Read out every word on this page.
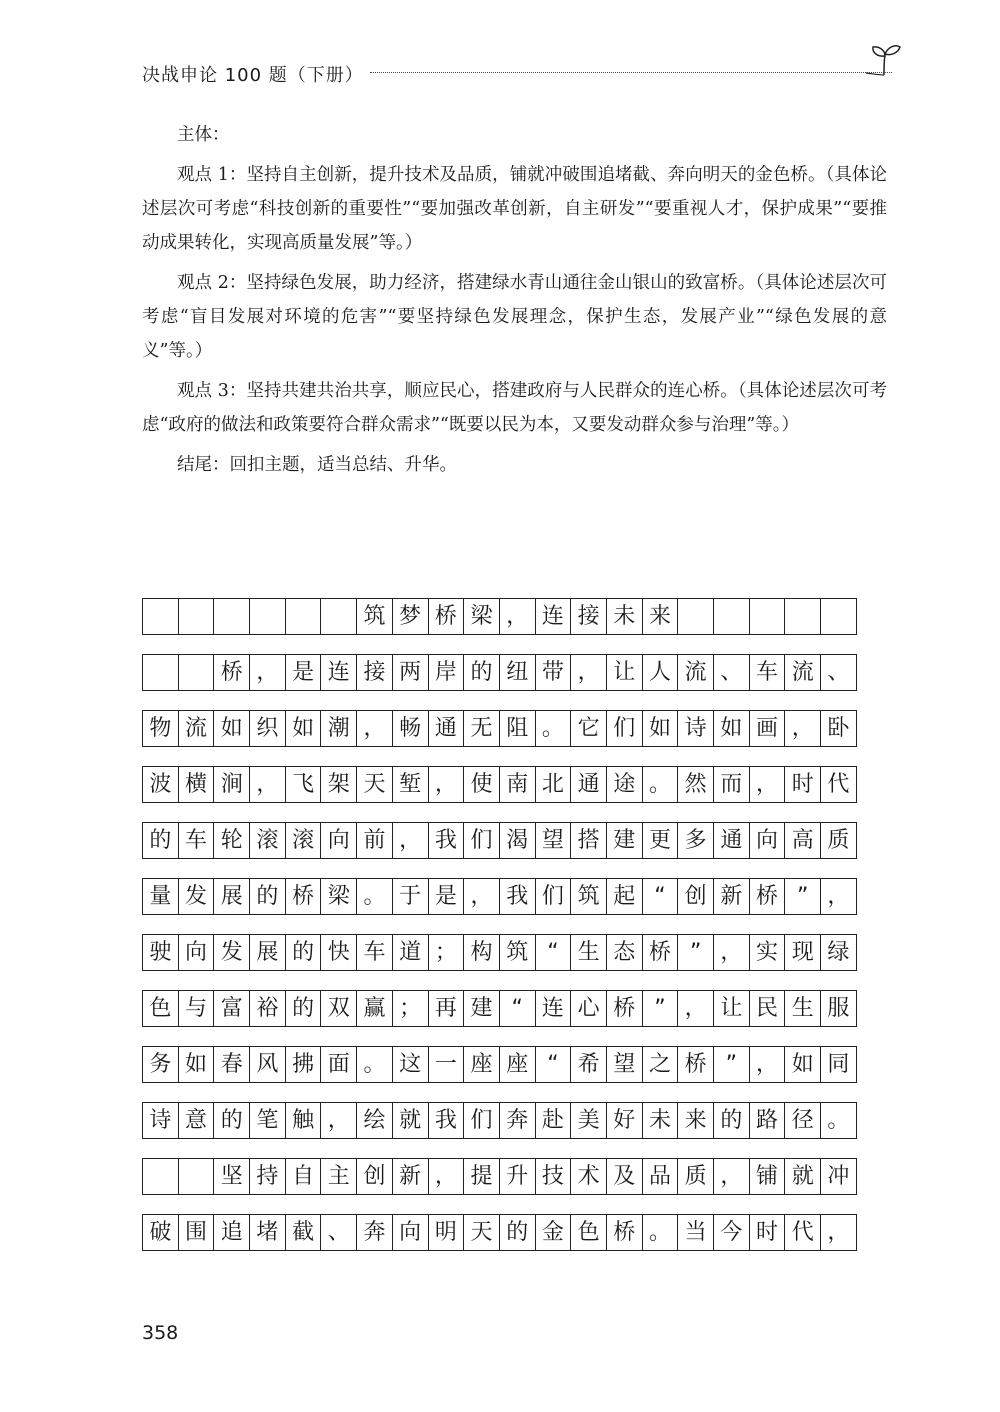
决战申论 100 题（下册）

主体：

观点 1：坚持自主创新，提升技术及品质，铺就冲破围追堵截、奔向明天的金色桥。（具体论述层次可考虑“科技创新的重要性”“要加强改革创新，自主研发”“要重视人才，保护成果”“要推动成果转化，实现高质量发展”等。）

观点 2：坚持绿色发展，助力经济，搭建绿水青山通往金山银山的致富桥。（具体论述层次可考虑“盲目发展对环境的危害”“要坚持绿色发展理念，保护生态，发展产业”“绿色发展的意义”等。）

观点 3：坚持共建共治共享，顺应民心，搭建政府与人民群众的连心桥。（具体论述层次可考虑“政府的做法和政策要符合群众需求”“既要以民为本，又要发动群众参与治理”等。）

结尾：回扣主题，适当总结、升华。

筑 梦 桥 梁 ， 连 接 未 来
桥 ， 是 连 接 两 岸 的 纽 带 ， 让 人 流 、 车 流 、
物 流 如 织 如 潮 ， 畅 通 无 阻 。 它 们 如 诗 如 画 ， 卧
波 横 涧 ， 飞 架 天 堑 ， 使 南 北 通 途 。 然 而 ， 时 代
的 车 轮 滚 滚 向 前 ， 我 们 渴 望 搭 建 更 多 通 向 高 质
量 发 展 的 桥 梁 。 于 是 ， 我 们 筑 起 “ 创 新 桥 ” ，
驶 向 发 展 的 快 车 道 ； 构 筑 “ 生 态 桥 ” ， 实 现 绿
色 与 富 裕 的 双 赢 ； 再 建 “ 连 心 桥 ” ， 让 民 生 服
务 如 春 风 拂 面 。 这 一 座 座 “ 希 望 之 桥 ” ， 如 同
诗 意 的 笔 触 ， 绘 就 我 们 奔 赴 美 好 未 来 的 路 径 。
坚 持 自 主 创 新 ， 提 升 技 术 及 品 质 ， 铺 就 冲
破 围 追 堵 截 、 奔 向 明 天 的 金 色 桥 。 当 今 时 代 ，
358
